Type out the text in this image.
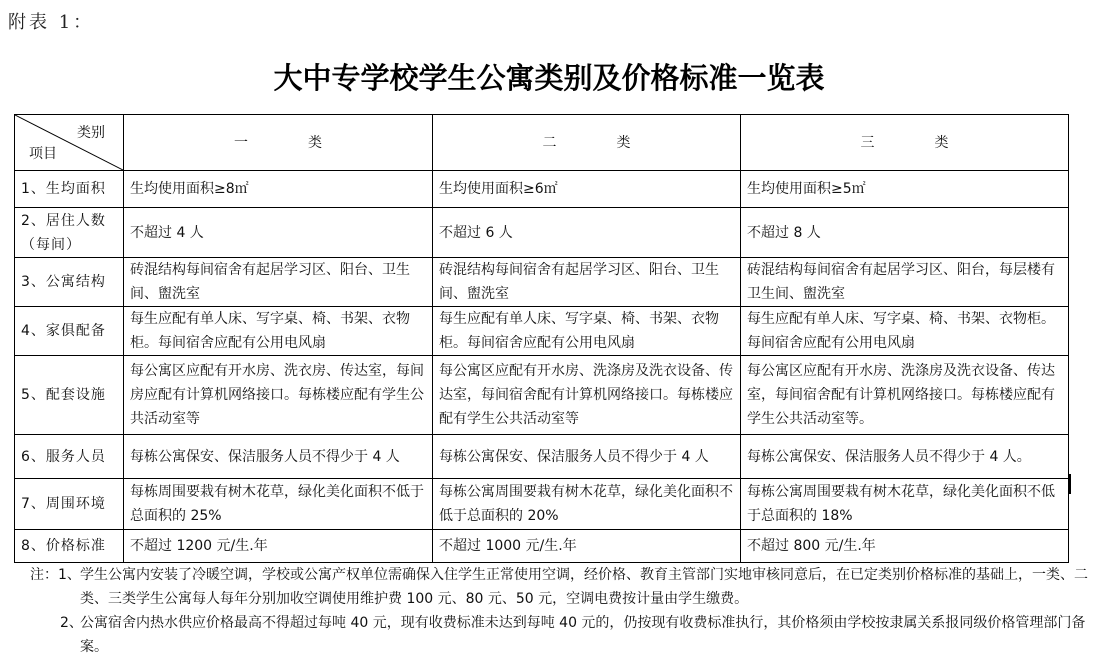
附表 1：
大中专学校学生公寓类别及价格标准一览表
类别
项目	一 类	二 类	三 类
1、生均面积	生均使用面积≥8㎡	生均使用面积≥6㎡	生均使用面积≥5㎡
2、居住人数（每间）	不超过 4 人	不超过 6 人	不超过 8 人
3、公寓结构	砖混结构每间宿舍有起居学习区、阳台、卫生间、盥洗室	砖混结构每间宿舍有起居学习区、阳台、卫生间、盥洗室	砖混结构每间宿舍有起居学习区、阳台，每层楼有卫生间、盥洗室
4、家俱配备	每生应配有单人床、写字桌、椅、书架、衣物柜。每间宿舍应配有公用电风扇	每生应配有单人床、写字桌、椅、书架、衣物柜。每间宿舍应配有公用电风扇	每生应配有单人床、写字桌、椅、书架、衣物柜。每间宿舍应配有公用电风扇
5、配套设施	每公寓区应配有开水房、洗衣房、传达室，每间房应配有计算机网络接口。每栋楼应配有学生公共活动室等	每公寓区应配有开水房、洗涤房及洗衣设备、传达室，每间宿舍配有计算机网络接口。每栋楼应配有学生公共活动室等	每公寓区应配有开水房、洗涤房及洗衣设备、传达室，每间宿舍配有计算机网络接口。每栋楼应配有学生公共活动室等。
6、服务人员	每栋公寓保安、保洁服务人员不得少于 4 人	每栋公寓保安、保洁服务人员不得少于 4 人	每栋公寓保安、保洁服务人员不得少于 4 人。
7、周围环境	每栋周围要栽有树木花草，绿化美化面积不低于总面积的 25%	每栋公寓周围要栽有树木花草，绿化美化面积不低于总面积的 20%	每栋公寓周围要栽有树木花草，绿化美化面积不低于总面积的 18%
8、价格标准	不超过 1200 元/生.年	不超过 1000 元/生.年	不超过 800 元/生.年
注：1、 学生公寓内安装了冷暖空调，学校或公寓产权单位需确保入住学生正常使用空调，经价格、教育主管部门实地审核同意后，在已定类别价格标准的基础上，一类、二类、三类学生公寓每人每年分别加收空调使用维护费 100 元、80 元、50 元，空调电费按计量由学生缴费。
2、
公寓宿舍内热水供应价格最高不得超过每吨 40 元，现有收费标准未达到每吨 40 元的，仍按现有收费标准执行，其价格须由学校按隶属关系报同级价格管理部门备案。
